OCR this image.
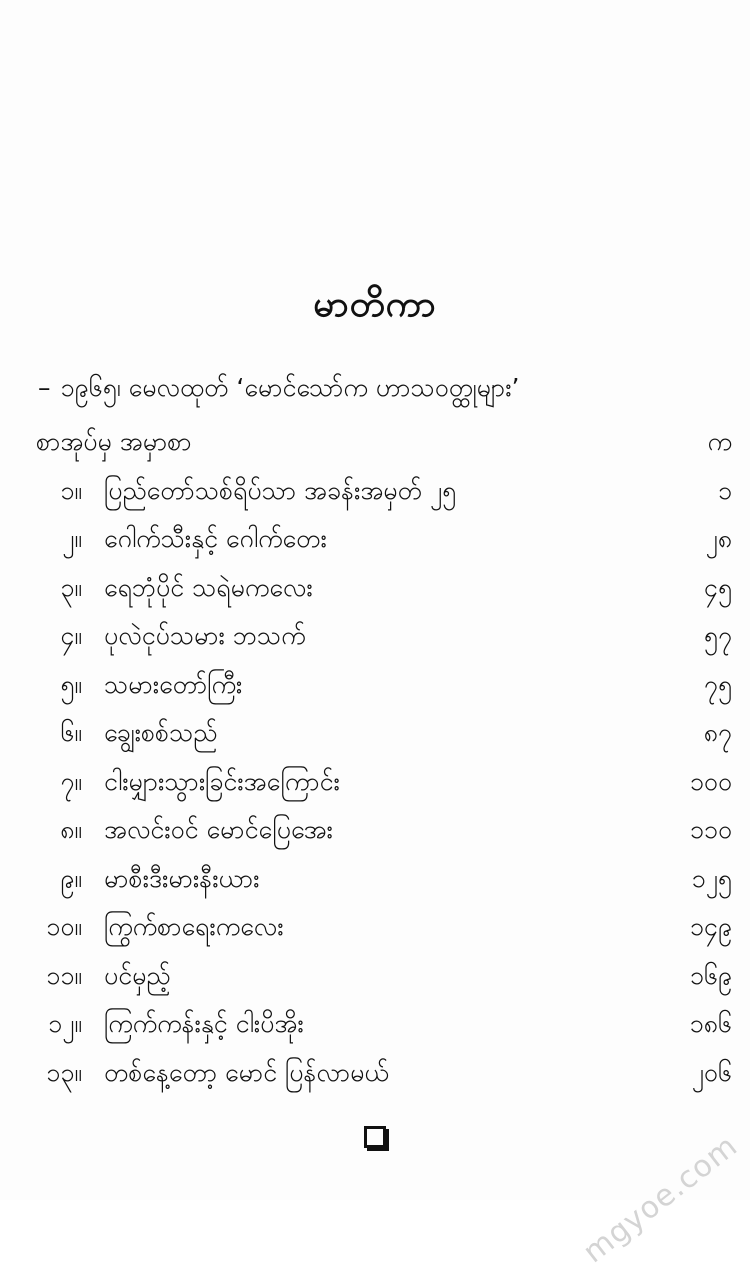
မာတိကာ
– ၁၉၆၅၊ မေလထုတ် ‘မောင်သော်က ဟာသဝတ္ထုများ’
စာအုပ်မှ အမှာစာ	က
၁။ ပြည်တော်သစ်ရိပ်သာ အခန်းအမှတ် ၂၅	၁
၂။ ဂေါက်သီးနှင့် ဂေါက်တေး	၂၈
၃။ ရေဘုံပိုင် သရဲမကလေး	၄၅
၄။ ပုလဲငုပ်သမား ဘသက်	၅၇
၅။ သမားတော်ကြီး	၇၅
၆။ ချွေးစစ်သည်	၈၇
၇။ ငါးမျှားသွားခြင်းအကြောင်း	၁၀၀
၈။ အလင်းဝင် မောင်ပြေအေး	၁၁၀
၉။ မာစီးဒီးမားနီးယား	၁၂၅
၁၀။ ကြွက်စာရေးကလေး	၁၄၉
၁၁။ ပင်မှည့်	၁၆၉
၁၂။ ကြက်ကန်းနှင့် ငါးပိအိုး	၁၈၆
၁၃။ တစ်နေ့တော့ မောင် ပြန်လာမယ်	၂၀၆
mgyoe.com
